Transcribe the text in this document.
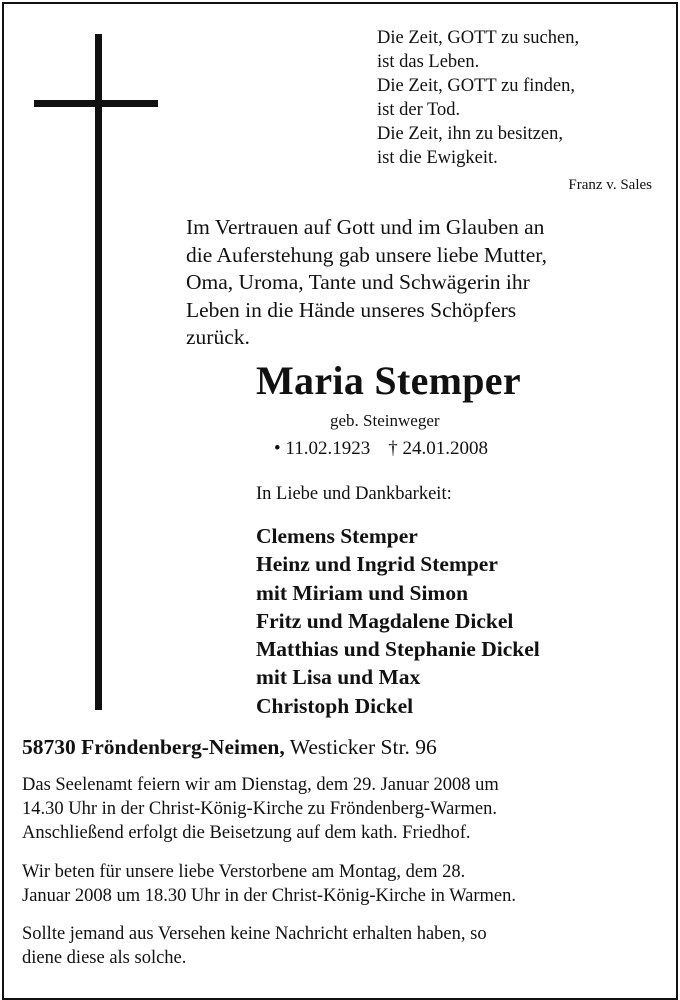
Die Zeit, GOTT zu suchen,
ist das Leben.
Die Zeit, GOTT zu finden,
ist der Tod.
Die Zeit, ihn zu besitzen,
ist die Ewigkeit.
Franz v. Sales
Im Vertrauen auf Gott und im Glauben an
die Auferstehung gab unsere liebe Mutter,
Oma, Uroma, Tante und Schwägerin ihr
Leben in die Hände unseres Schöpfers
zurück.
Maria Stemper
geb. Steinweger
• 11.02.1923 † 24.01.2008
In Liebe und Dankbarkeit:
Clemens Stemper
Heinz und Ingrid Stemper
mit Miriam und Simon
Fritz und Magdalene Dickel
Matthias und Stephanie Dickel
mit Lisa und Max
Christoph Dickel
58730 Fröndenberg-Neimen, Westicker Str. 96
Das Seelenamt feiern wir am Dienstag, dem 29. Januar 2008 um
14.30 Uhr in der Christ-König-Kirche zu Fröndenberg-Warmen.
Anschließend erfolgt die Beisetzung auf dem kath. Friedhof.
Wir beten für unsere liebe Verstorbene am Montag, dem 28.
Januar 2008 um 18.30 Uhr in der Christ-König-Kirche in Warmen.
Sollte jemand aus Versehen keine Nachricht erhalten haben, so
diene diese als solche.
